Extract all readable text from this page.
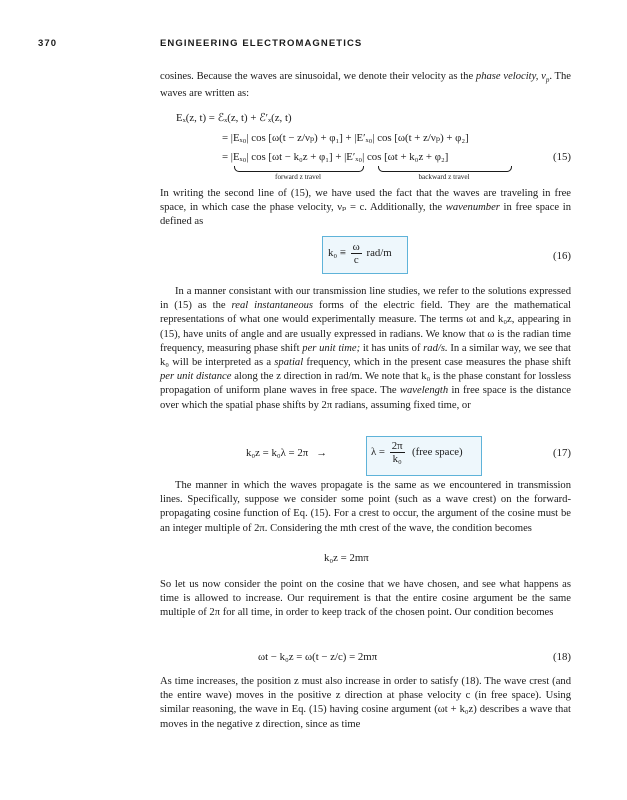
370	ENGINEERING ELECTROMAGNETICS

cosines. Because the waves are sinusoidal, we denote their velocity as the phase velocity, $v_p$. The waves are written as:

Eₓ(z, t) = ℰₓ(z, t) + ℰ′ₓ(z, t)
= |Eₓ₀| cos [ω(t − z/νₚ) + φ₁] + |E′ₓ₀| cos [ω(t + z/νₚ) + φ₂]
= |Eₓ₀| cos [ωt − k₀z + φ₁] + |E′ₓ₀| cos [ωt + k₀z + φ₂]	(15)
forward z travel	backward z travel

In writing the second line of (15), we have used the fact that the waves are traveling in free space, in which case the phase velocity, νₚ = c. Additionally, the wavenumber in free space in defined as

$k_0 \equiv \frac{\omega}{c} rad/m$	(16)

In a manner consistant with our transmission line studies, we refer to the solutions expressed in (15) as the real instantaneous forms of the electric field. They are the mathematical representations of what one would experimentally measure. The terms ωt and k₀z, appearing in (15), have units of angle and are usually expressed in radians. We know that ω is the radian time frequency, measuring phase shift per unit time; it has units of rad/s. In a similar way, we see that k₀ will be interpreted as a spatial frequency, which in the present case measures the phase shift per unit distance along the z direction in rad/m. We note that k₀ is the phase constant for lossless propagation of uniform plane waves in free space. The wavelength in free space is the distance over which the spatial phase shifts by 2π radians, assuming fixed time, or

k₀z = k₀λ = 2π →	$\lambda = \frac{2\pi}{\text{k₀}}$ (free space)	(17)

The manner in which the waves propagate is the same as we encountered in transmission lines. Specifically, suppose we consider some point (such as a wave crest) on the forward-propagating cosine function of Eq. (15). For a crest to occur, the argument of the cosine must be an integer multiple of 2π. Considering the mth crest of the wave, the condition becomes

k₀z = 2mπ

So let us now consider the point on the cosine that we have chosen, and see what happens as time is allowed to increase. Our requirement is that the entire cosine argument be the same multiple of 2π for all time, in order to keep track of the chosen point. Our condition becomes

ωt − k₀z = ω(t − z/c) = 2mπ	(18)

As time increases, the position z must also increase in order to satisfy (18). The wave crest (and the entire wave) moves in the positive z direction at phase velocity c (in free space). Using similar reasoning, the wave in Eq. (15) having cosine argument (ωt + k₀z) describes a wave that moves in the negative z direction, since as time
